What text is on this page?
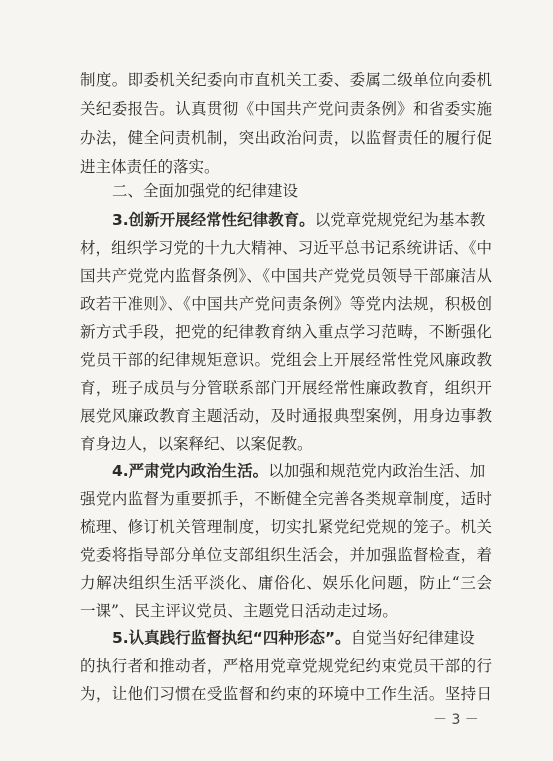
制度。即委机关纪委向市直机关工委、委属二级单位向委机
关纪委报告。认真贯彻《中国共产党问责条例》和省委实施
办法，健全问责机制，突出政治问责，以监督责任的履行促
进主体责任的落实。
二、全面加强党的纪律建设
3.创新开展经常性纪律教育。以党章党规党纪为基本教
材，组织学习党的十九大精神、习近平总书记系统讲话、《中
国共产党党内监督条例》、《中国共产党党员领导干部廉洁从
政若干准则》、《中国共产党问责条例》等党内法规，积极创
新方式手段，把党的纪律教育纳入重点学习范畴，不断强化
党员干部的纪律规矩意识。党组会上开展经常性党风廉政教
育，班子成员与分管联系部门开展经常性廉政教育，组织开
展党风廉政教育主题活动，及时通报典型案例，用身边事教
育身边人，以案释纪、以案促教。
4.严肃党内政治生活。以加强和规范党内政治生活、加
强党内监督为重要抓手，不断健全完善各类规章制度，适时
梳理、修订机关管理制度，切实扎紧党纪党规的笼子。机关
党委将指导部分单位支部组织生活会，并加强监督检查，着
力解决组织生活平淡化、庸俗化、娱乐化问题，防止“三会
一课”、民主评议党员、主题党日活动走过场。
5.认真践行监督执纪“四种形态”。自觉当好纪律建设
的执行者和推动者，严格用党章党规党纪约束党员干部的行
为，让他们习惯在受监督和约束的环境中工作生活。坚持日
－ 3 －
